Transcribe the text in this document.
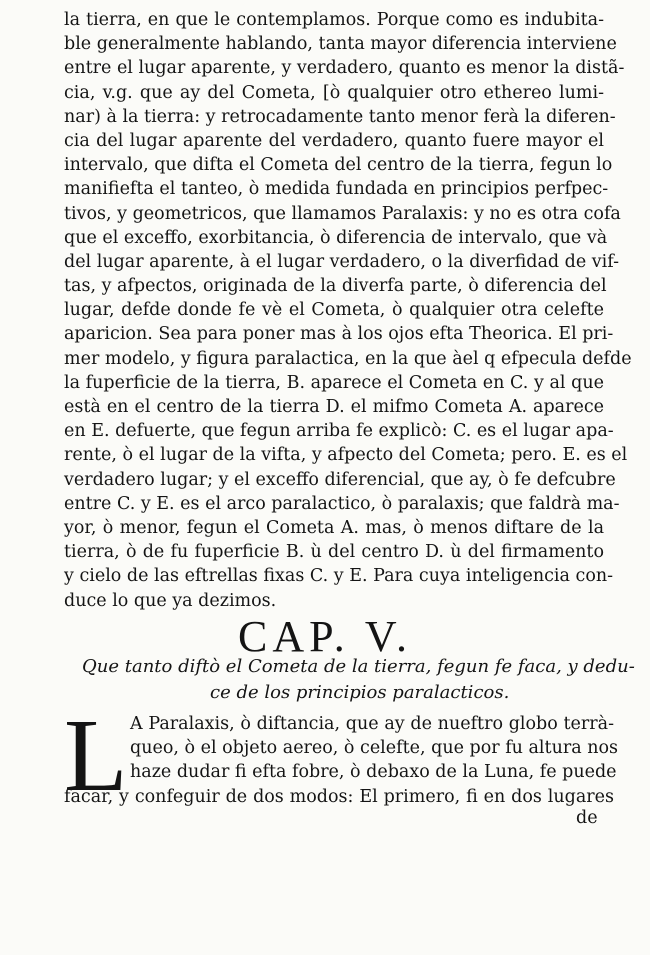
la tierra, en que le contemplamos. Porque como es indubita-
ble generalmente hablando, tanta mayor diferencia interviene
entre el lugar aparente, y verdadero, quanto es menor la distã-
cia, v.g. que ay del Cometa, [ò qualquier otro ethereo lumi-
nar) à la tierra: y retrocadamente tanto menor ferà la diferen-
cia del lugar aparente del verdadero, quanto fuere mayor el
intervalo, que difta el Cometa del centro de la tierra, fegun lo
manifiefta el tanteo, ò medida fundada en principios perfpec-
tivos, y geometricos, que llamamos Paralaxis: y no es otra cofa
que el exceffo, exorbitancia, ò diferencia de intervalo, que và
del lugar aparente, à el lugar verdadero, o la diverfidad de vif-
tas, y afpectos, originada de la diverfa parte, ò diferencia del
lugar, defde donde fe vè el Cometa, ò qualquier otra celefte
aparicion. Sea para poner mas à los ojos efta Theorica. El pri-
mer modelo, y figura paralactica, en la que àel q efpecula defde
la fuperficie de la tierra, B. aparece el Cometa en C. y al que
està en el centro de la tierra D. el mifmo Cometa A. aparece
en E. defuerte, que fegun arriba fe explicò: C. es el lugar apa-
rente, ò el lugar de la vifta, y afpecto del Cometa; pero. E. es el
verdadero lugar; y el exceffo diferencial, que ay, ò fe defcubre
entre C. y E. es el arco paralactico, ò paralaxis; que faldrà ma-
yor, ò menor, fegun el Cometa A. mas, ò menos diftare de la
tierra, ò de fu fuperficie B. ù del centro D. ù del firmamento
y cielo de las eftrellas fixas C. y E. Para cuya inteligencia con-
duce lo que ya dezimos.
CAP. V.
Que tanto diftò el Cometa de la tierra, fegun fe faca, y dedu-
ce de los principios paralacticos.
L A Paralaxis, ò diftancia, que ay de nueftro globo terrà-
queo, ò el objeto aereo, ò celefte, que por fu altura nos
haze dudar fi efta fobre, ò debaxo de la Luna, fe puede
facar, y confeguir de dos modos: El primero, fi en dos lugares
de
